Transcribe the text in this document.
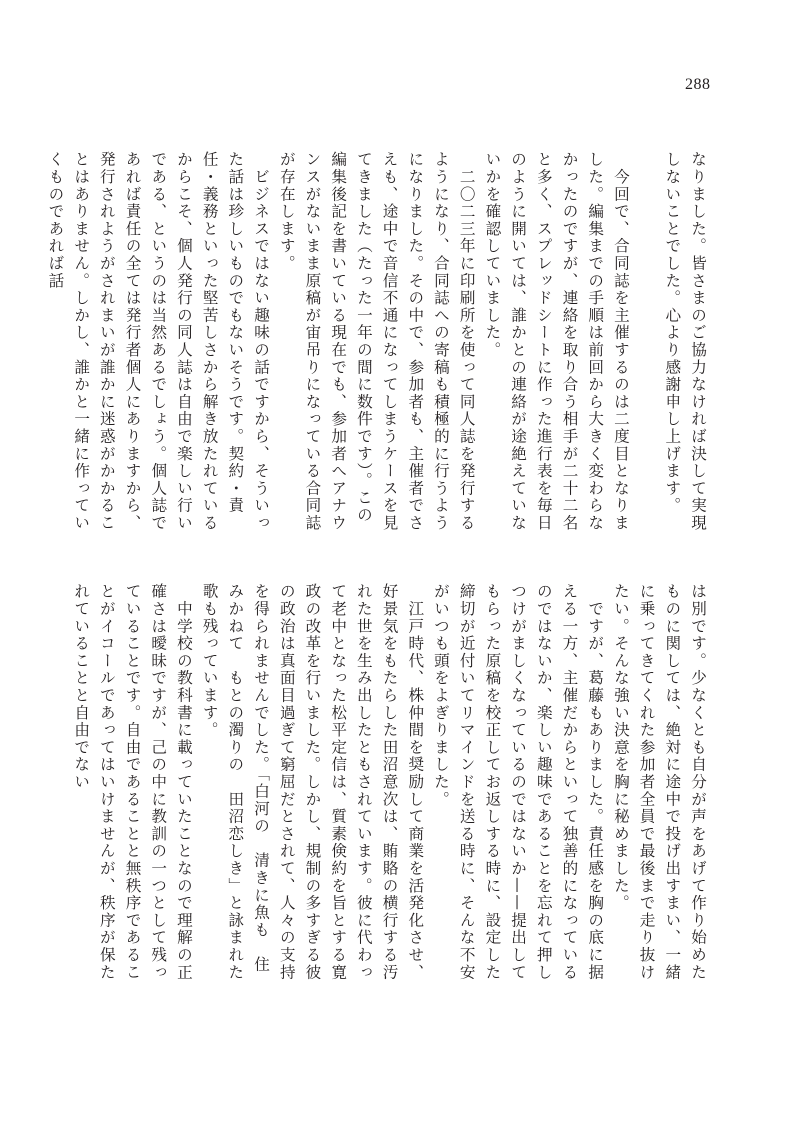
288

なりました。皆さまのご協力なければ決して実現しないことでした。心より感謝申し上げます。

　今回で、合同誌を主催するのは二度目となりました。編集までの手順は前回から大きく変わらなかったのですが、連絡を取り合う相手が二十二名と多く、スプレッドシートに作った進行表を毎日のように開いては、誰かとの連絡が途絶えていないかを確認していました。

　二〇二三年に印刷所を使って同人誌を発行するようになり、合同誌への寄稿も積極的に行うようになりました。その中で、参加者も、主催者でさえも、途中で音信不通になってしまうケースを見てきました（たった一年の間に数件です）。この編集後記を書いている現在でも、参加者へアナウンスがないまま原稿が宙吊りになっている合同誌が存在します。

　ビジネスではない趣味の話ですから、そういった話は珍しいものでもないそうです。契約・責任・義務といった堅苦しさから解き放たれているからこそ、個人発行の同人誌は自由で楽しい行いである、というのは当然あるでしょう。個人誌であれば責任の全ては発行者個人にありますから、発行されようがされまいが誰かに迷惑がかかることはありません。しかし、誰かと一緒に作っていくものであれば話

は別です。少なくとも自分が声をあげて作り始めたものに関しては、絶対に途中で投げ出すまい、一緒に乗ってきてくれた参加者全員で最後まで走り抜けたい。そんな強い決意を胸に秘めました。

　ですが、葛藤もありました。責任感を胸の底に据える一方、主催だからといって独善的になっているのではないか、楽しい趣味であることを忘れて押しつけがましくなっているのではないか——提出してもらった原稿を校正してお返しする時に、設定した締切が近付いてリマインドを送る時に、そんな不安がいつも頭をよぎりました。

　江戸時代、株仲間を奨励して商業を活発化させ、好景気をもたらした田沼意次は、賄賂の横行する汚れた世を生み出したともされています。彼に代わって老中となった松平定信は、質素倹約を旨とする寛政の改革を行いました。しかし、規制の多すぎる彼の政治は真面目過ぎて窮屈だとされて、人々の支持を得られませんでした。「白河の　清きに魚も　住みかねて　もとの濁りの　田沼恋しき」と詠まれた歌も残っています。

　中学校の教科書に載っていたことなので理解の正確さは曖昧ですが、己の中に教訓の一つとして残っていることです。自由であることと無秩序であることがイコールであってはいけませんが、秩序が保たれていることと自由でない
